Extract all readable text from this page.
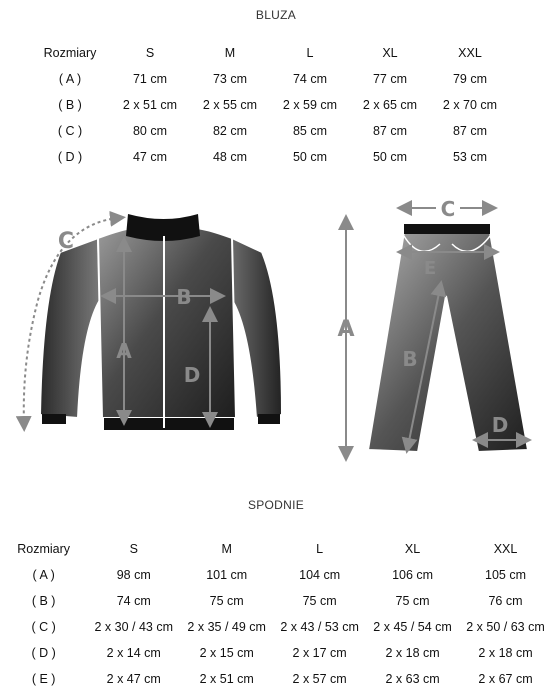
BLUZA
Rozmiary	S	M	L	XL	XXL
( A )	71 cm	73 cm	74 cm	77 cm	79 cm
( B )	2 x 51 cm	2 x 55 cm	2 x 59 cm	2 x 65 cm	2 x 70 cm
( C )	80 cm	82 cm	85 cm	87 cm	87 cm
( D )	47 cm	48 cm	50 cm	50 cm	53 cm
A
B
C
D
A
B
C
D
E
SPODNIE
Rozmiary	S	M	L	XL	XXL
( A )	98 cm	101 cm	104 cm	106 cm	105 cm
( B )	74 cm	75 cm	75 cm	75 cm	76 cm
( C )	2 x 30 / 43 cm	2 x 35 / 49 cm	2 x 43 / 53 cm	2 x 45 / 54 cm	2 x 50 / 63 cm
( D )	2 x 14 cm	2 x 15 cm	2 x 17 cm	2 x 18 cm	2 x 18 cm
( E )	2 x 47 cm	2 x 51 cm	2 x 57 cm	2 x 63 cm	2 x 67 cm
